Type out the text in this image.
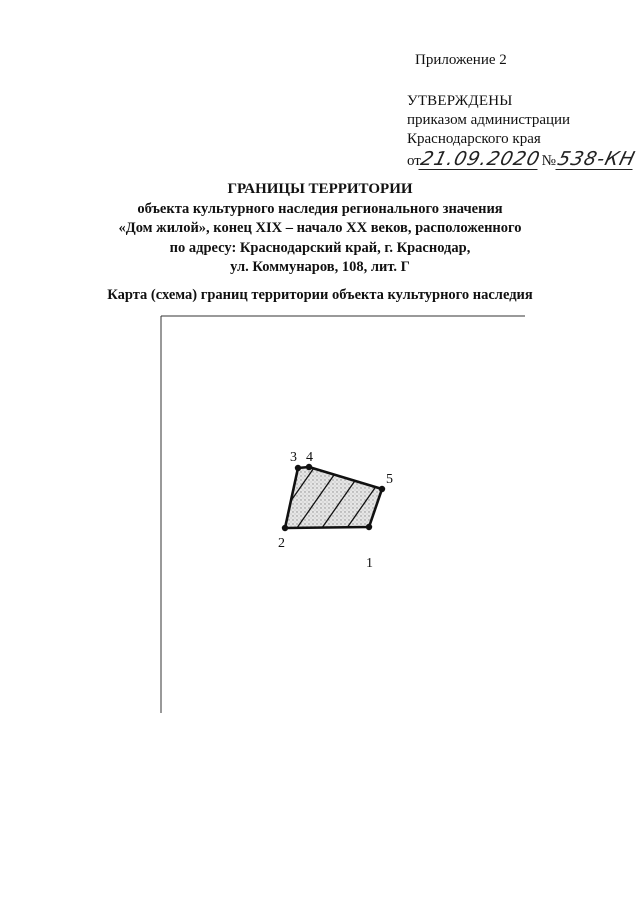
Приложение 2
УТВЕРЖДЕНЫ
приказом администрации
Краснодарского края
от21.09.2020№538-КН
ГРАНИЦЫ ТЕРРИТОРИИ
объекта культурного наследия регионального значения
«Дом жилой», конец XIX – начало XX веков, расположенного
по адресу: Краснодарский край, г. Краснодар,
ул. Коммунаров, 108, лит. Г
Карта (схема) границ территории объекта культурного наследия
1
2
3 4
5
